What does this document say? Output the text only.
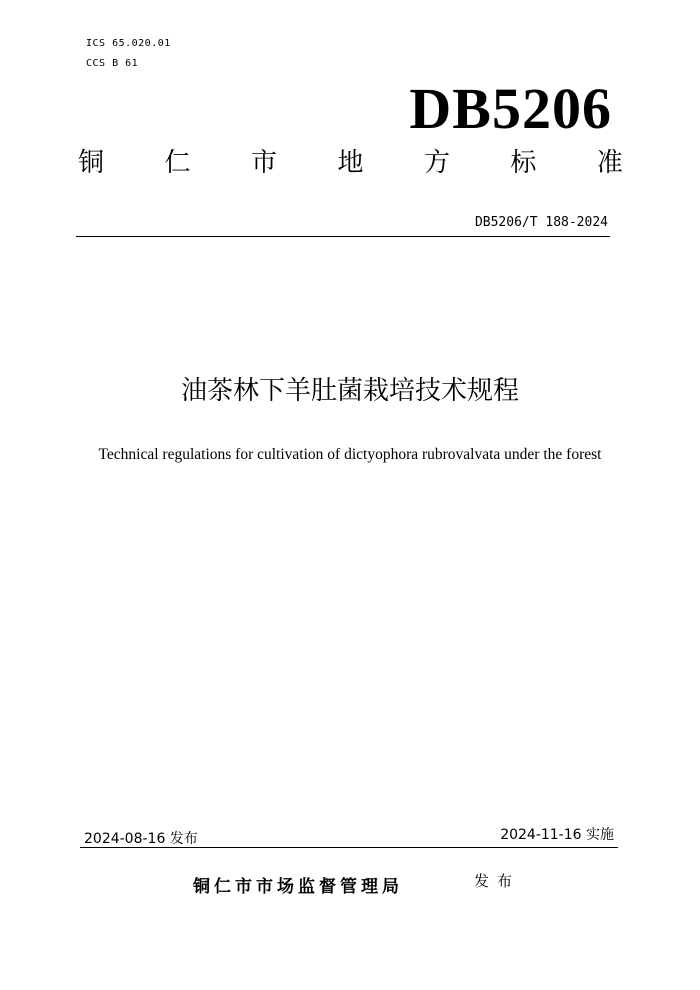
ICS 65.020.01
CCS B 61
DB5206
铜 仁 市 地 方 标 准
DB5206/T 188-2024
油茶林下羊肚菌栽培技术规程
Technical regulations for cultivation of dictyophora rubrovalvata under the forest
2024-08-16 发布	2024-11-16 实施
铜仁市市场监督管理局	发布
